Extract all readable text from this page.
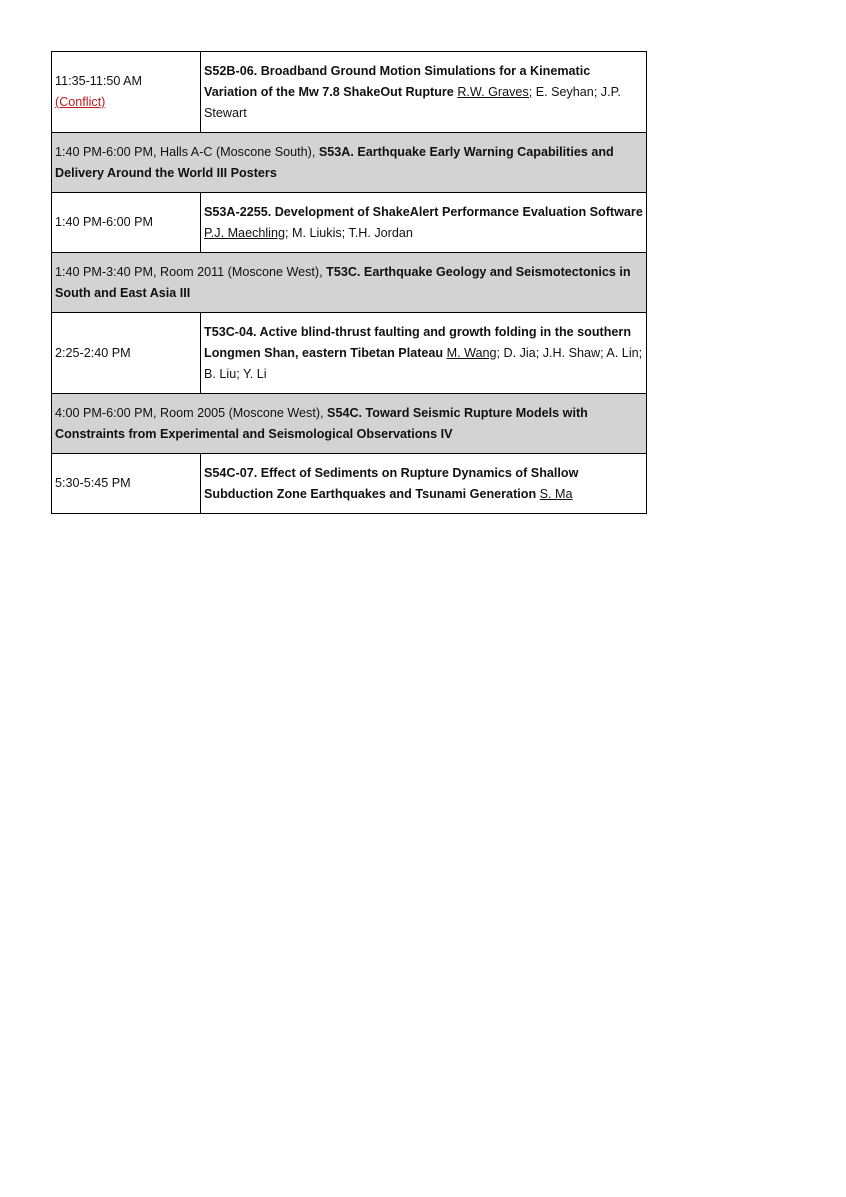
11:35-11:50 AM
(Conflict)	S52B-06. Broadband Ground Motion Simulations for a Kinematic Variation of the Mw 7.8 ShakeOut Rupture R.W. Graves; E. Seyhan; J.P. Stewart
1:40 PM-6:00 PM, Halls A-C (Moscone South), S53A. Earthquake Early Warning Capabilities and Delivery Around the World III Posters	
1:40 PM-6:00 PM	S53A-2255. Development of ShakeAlert Performance Evaluation Software P.J. Maechling; M. Liukis; T.H. Jordan
1:40 PM-3:40 PM, Room 2011 (Moscone West), T53C. Earthquake Geology and Seismotectonics in South and East Asia III	
2:25-2:40 PM	T53C-04. Active blind-thrust faulting and growth folding in the southern Longmen Shan, eastern Tibetan Plateau M. Wang; D. Jia; J.H. Shaw; A. Lin; B. Liu; Y. Li
4:00 PM-6:00 PM, Room 2005 (Moscone West), S54C. Toward Seismic Rupture Models with Constraints from Experimental and Seismological Observations IV	
5:30-5:45 PM	S54C-07. Effect of Sediments on Rupture Dynamics of Shallow Subduction Zone Earthquakes and Tsunami Generation S. Ma
